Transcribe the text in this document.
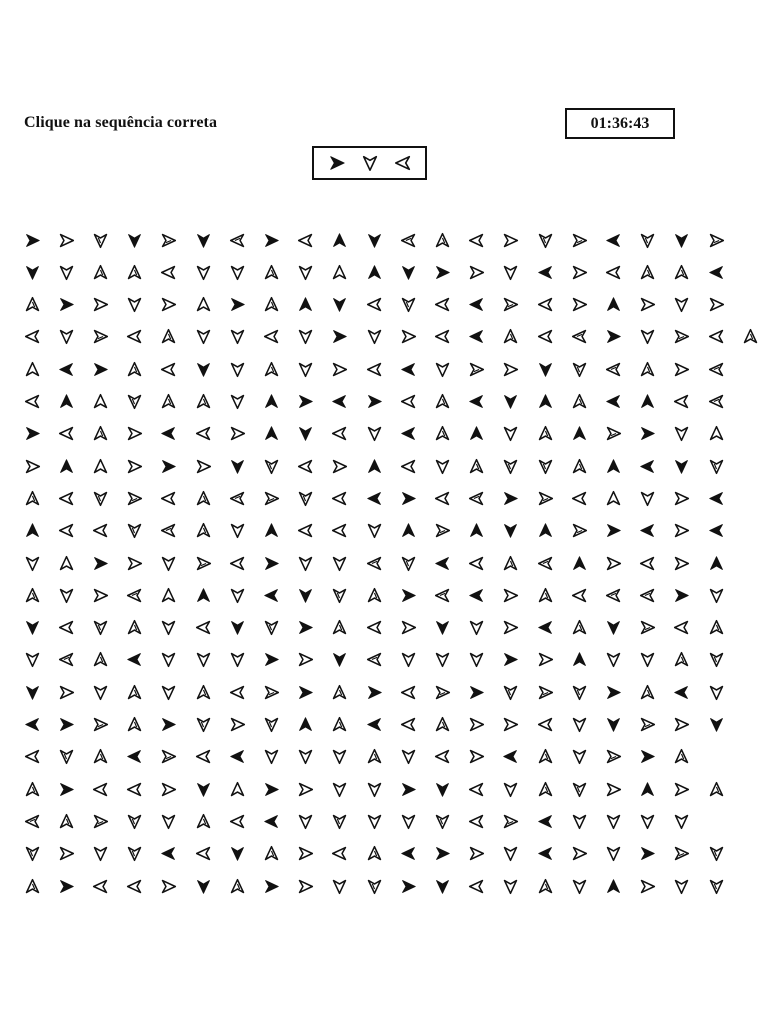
Clique na sequência correta	01:36:43
